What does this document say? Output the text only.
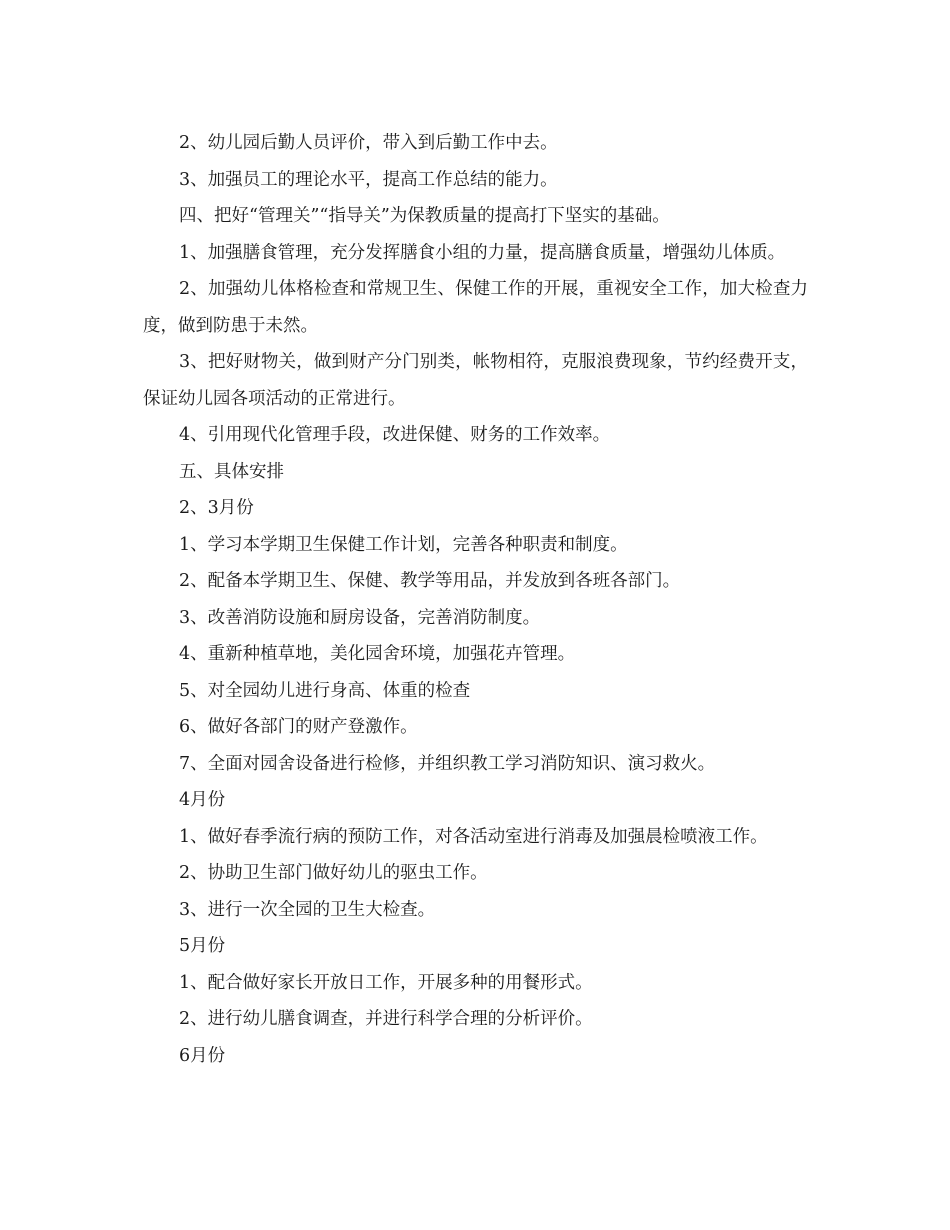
2、幼儿园后勤人员评价，带入到后勤工作中去。

3、加强员工的理论水平，提高工作总结的能力。

四、把好“管理关”“指导关”为保教质量的提高打下坚实的基础。

1、加强膳食管理，充分发挥膳食小组的力量，提高膳食质量，增强幼儿体质。

2、加强幼儿体格检查和常规卫生、保健工作的开展，重视安全工作，加大检查力度，做到防患于未然。

3、把好财物关，做到财产分门别类，帐物相符，克服浪费现象，节约经费开支，保证幼儿园各项活动的正常进行。

4、引用现代化管理手段，改进保健、财务的工作效率。

五、具体安排

2、3月份

1、学习本学期卫生保健工作计划，完善各种职责和制度。

2、配备本学期卫生、保健、教学等用品，并发放到各班各部门。

3、改善消防设施和厨房设备，完善消防制度。

4、重新种植草地，美化园舍环境，加强花卉管理。

5、对全园幼儿进行身高、体重的检查

6、做好各部门的财产登激作。

7、全面对园舍设备进行检修，并组织教工学习消防知识、演习救火。

4月份

1、做好春季流行病的预防工作，对各活动室进行消毒及加强晨检喷液工作。

2、协助卫生部门做好幼儿的驱虫工作。

3、进行一次全园的卫生大检查。

5月份

1、配合做好家长开放日工作，开展多种的用餐形式。

2、进行幼儿膳食调查，并进行科学合理的分析评价。

6月份
